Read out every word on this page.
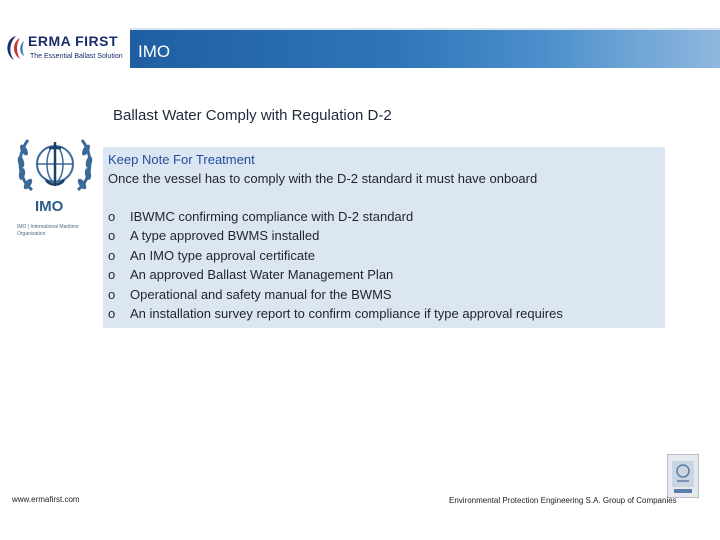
ERMA FIRST
The Essential Ballast Solution IMO
Ballast Water Comply with Regulation D-2
IMO
IMO | International Maritime Organization
Keep Note For Treatment
Once the vessel has to comply with the D-2 standard it must have onboard
o	IBWMC confirming compliance with D-2 standard
o	A type approved BWMS installed
o	An IMO type approval certificate
o	An approved Ballast Water Management Plan
o	Operational and safety manual for the BWMS
o	An installation survey report to confirm compliance if type approval requires
www.ermafirst.com	Environmental Protection Engineering S.A. Group of Companies
